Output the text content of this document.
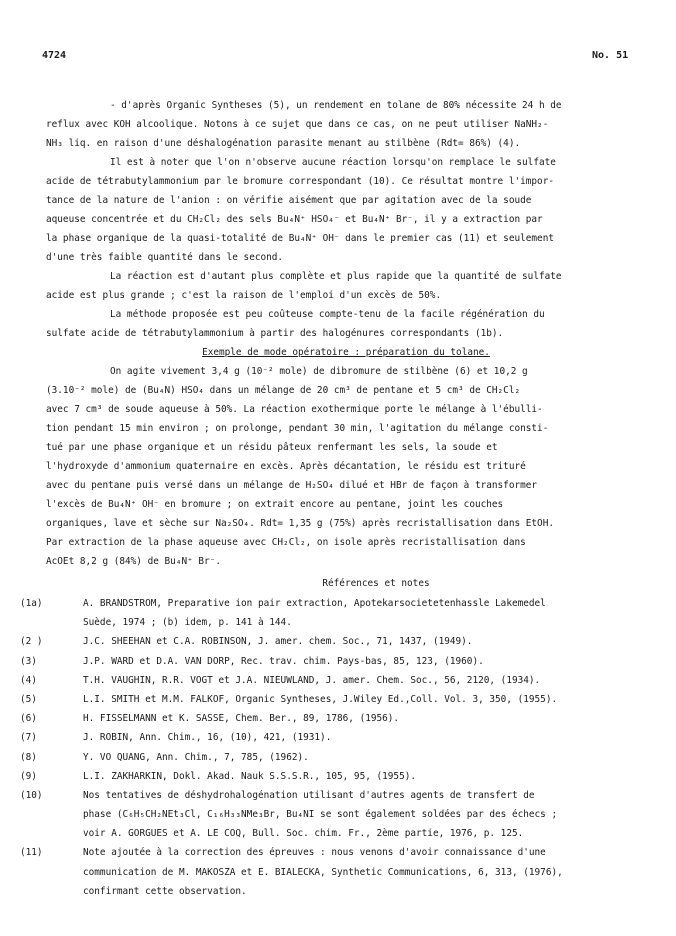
4724	No. 51
- d'après Organic Syntheses (5), un rendement en tolane de 80% nécessite 24 h de
reflux avec KOH alcoolique. Notons à ce sujet que dans ce cas, on ne peut utiliser NaNH₂-
NH₃ liq. en raison d'une déshalogénation parasite menant au stilbène (Rdt= 86%) (4).
Il est à noter que l'on n'observe aucune réaction lorsqu'on remplace le sulfate
acide de tétrabutylammonium par le bromure correspondant (10). Ce résultat montre l'impor-
tance de la nature de l'anion : on vérifie aisément que par agitation avec de la soude
aqueuse concentrée et du CH₂Cl₂ des sels Bu₄N⁺ HSO₄⁻ et Bu₄N⁺ Br⁻, il y a extraction par
la phase organique de la quasi-totalité de Bu₄N⁺ OH⁻ dans le premier cas (11) et seulement
d'une très faible quantité dans le second.
La réaction est d'autant plus complète et plus rapide que la quantité de sulfate
acide est plus grande ; c'est la raison de l'emploi d'un excès de 50%.
La méthode proposée est peu coûteuse compte-tenu de la facile régénération du
sulfate acide de tétrabutylammonium à partir des halogénures correspondants (1b).
Exemple de mode opératoire : préparation du tolane.
On agite vivement 3,4 g (10⁻² mole) de dibromure de stilbène (6) et 10,2 g
(3.10⁻² mole) de (Bu₄N) HSO₄ dans un mélange de 20 cm³ de pentane et 5 cm³ de CH₂Cl₂
avec 7 cm³ de soude aqueuse à 50%. La réaction exothermique porte le mélange à l'ébulli-
tion pendant 15 min environ ; on prolonge, pendant 30 min, l'agitation du mélange consti-
tué par une phase organique et un résidu pâteux renfermant les sels, la soude et
l'hydroxyde d'ammonium quaternaire en excès. Après décantation, le résidu est trituré
avec du pentane puis versé dans un mélange de H₂SO₄ dilué et HBr de façon à transformer
l'excès de Bu₄N⁺ OH⁻ en bromure ; on extrait encore au pentane, joint les couches
organiques, lave et sèche sur Na₂SO₄. Rdt= 1,35 g (75%) après recristallisation dans EtOH.
Par extraction de la phase aqueuse avec CH₂Cl₂, on isole après recristallisation dans
AcOEt 8,2 g (84%) de Bu₄N⁺ Br⁻.
Références et notes
(1a)	A. BRANDSTROM, Preparative ion pair extraction, Apotekarsocietetenhassle Lakemedel
Suède, 1974 ; (b) idem, p. 141 à 144.
(2 )	J.C. SHEEHAN et C.A. ROBINSON, J. amer. chem. Soc., 71, 1437, (1949).
(3)	J.P. WARD et D.A. VAN DORP, Rec. trav. chim. Pays-bas, 85, 123, (1960).
(4)	T.H. VAUGHIN, R.R. VOGT et J.A. NIEUWLAND, J. amer. Chem. Soc., 56, 2120, (1934).
(5)	L.I. SMITH et M.M. FALKOF, Organic Syntheses, J.Wiley Ed.,Coll. Vol. 3, 350, (1955).
(6)	H. FISSELMANN et K. SASSE, Chem. Ber., 89, 1786, (1956).
(7)	J. ROBIN, Ann. Chim., 16, (10), 421, (1931).
(8)	Y. VO QUANG, Ann. Chim., 7, 785, (1962).
(9)	L.I. ZAKHARKIN, Dokl. Akad. Nauk S.S.S.R., 105, 95, (1955).
(10)	Nos tentatives de déshydrohalogénation utilisant d'autres agents de transfert de
phase (C₆H₅CH₂NEt₃Cl, C₁₆H₃₃NMe₃Br, Bu₄NI se sont également soldées par des échecs ;
voir A. GORGUES et A. LE COQ, Bull. Soc. chim. Fr., 2ème partie, 1976, p. 125.
(11)	Note ajoutée à la correction des épreuves : nous venons d'avoir connaissance d'une
communication de M. MAKOSZA et E. BIALECKA, Synthetic Communications, 6, 313, (1976),
confirmant cette observation.
